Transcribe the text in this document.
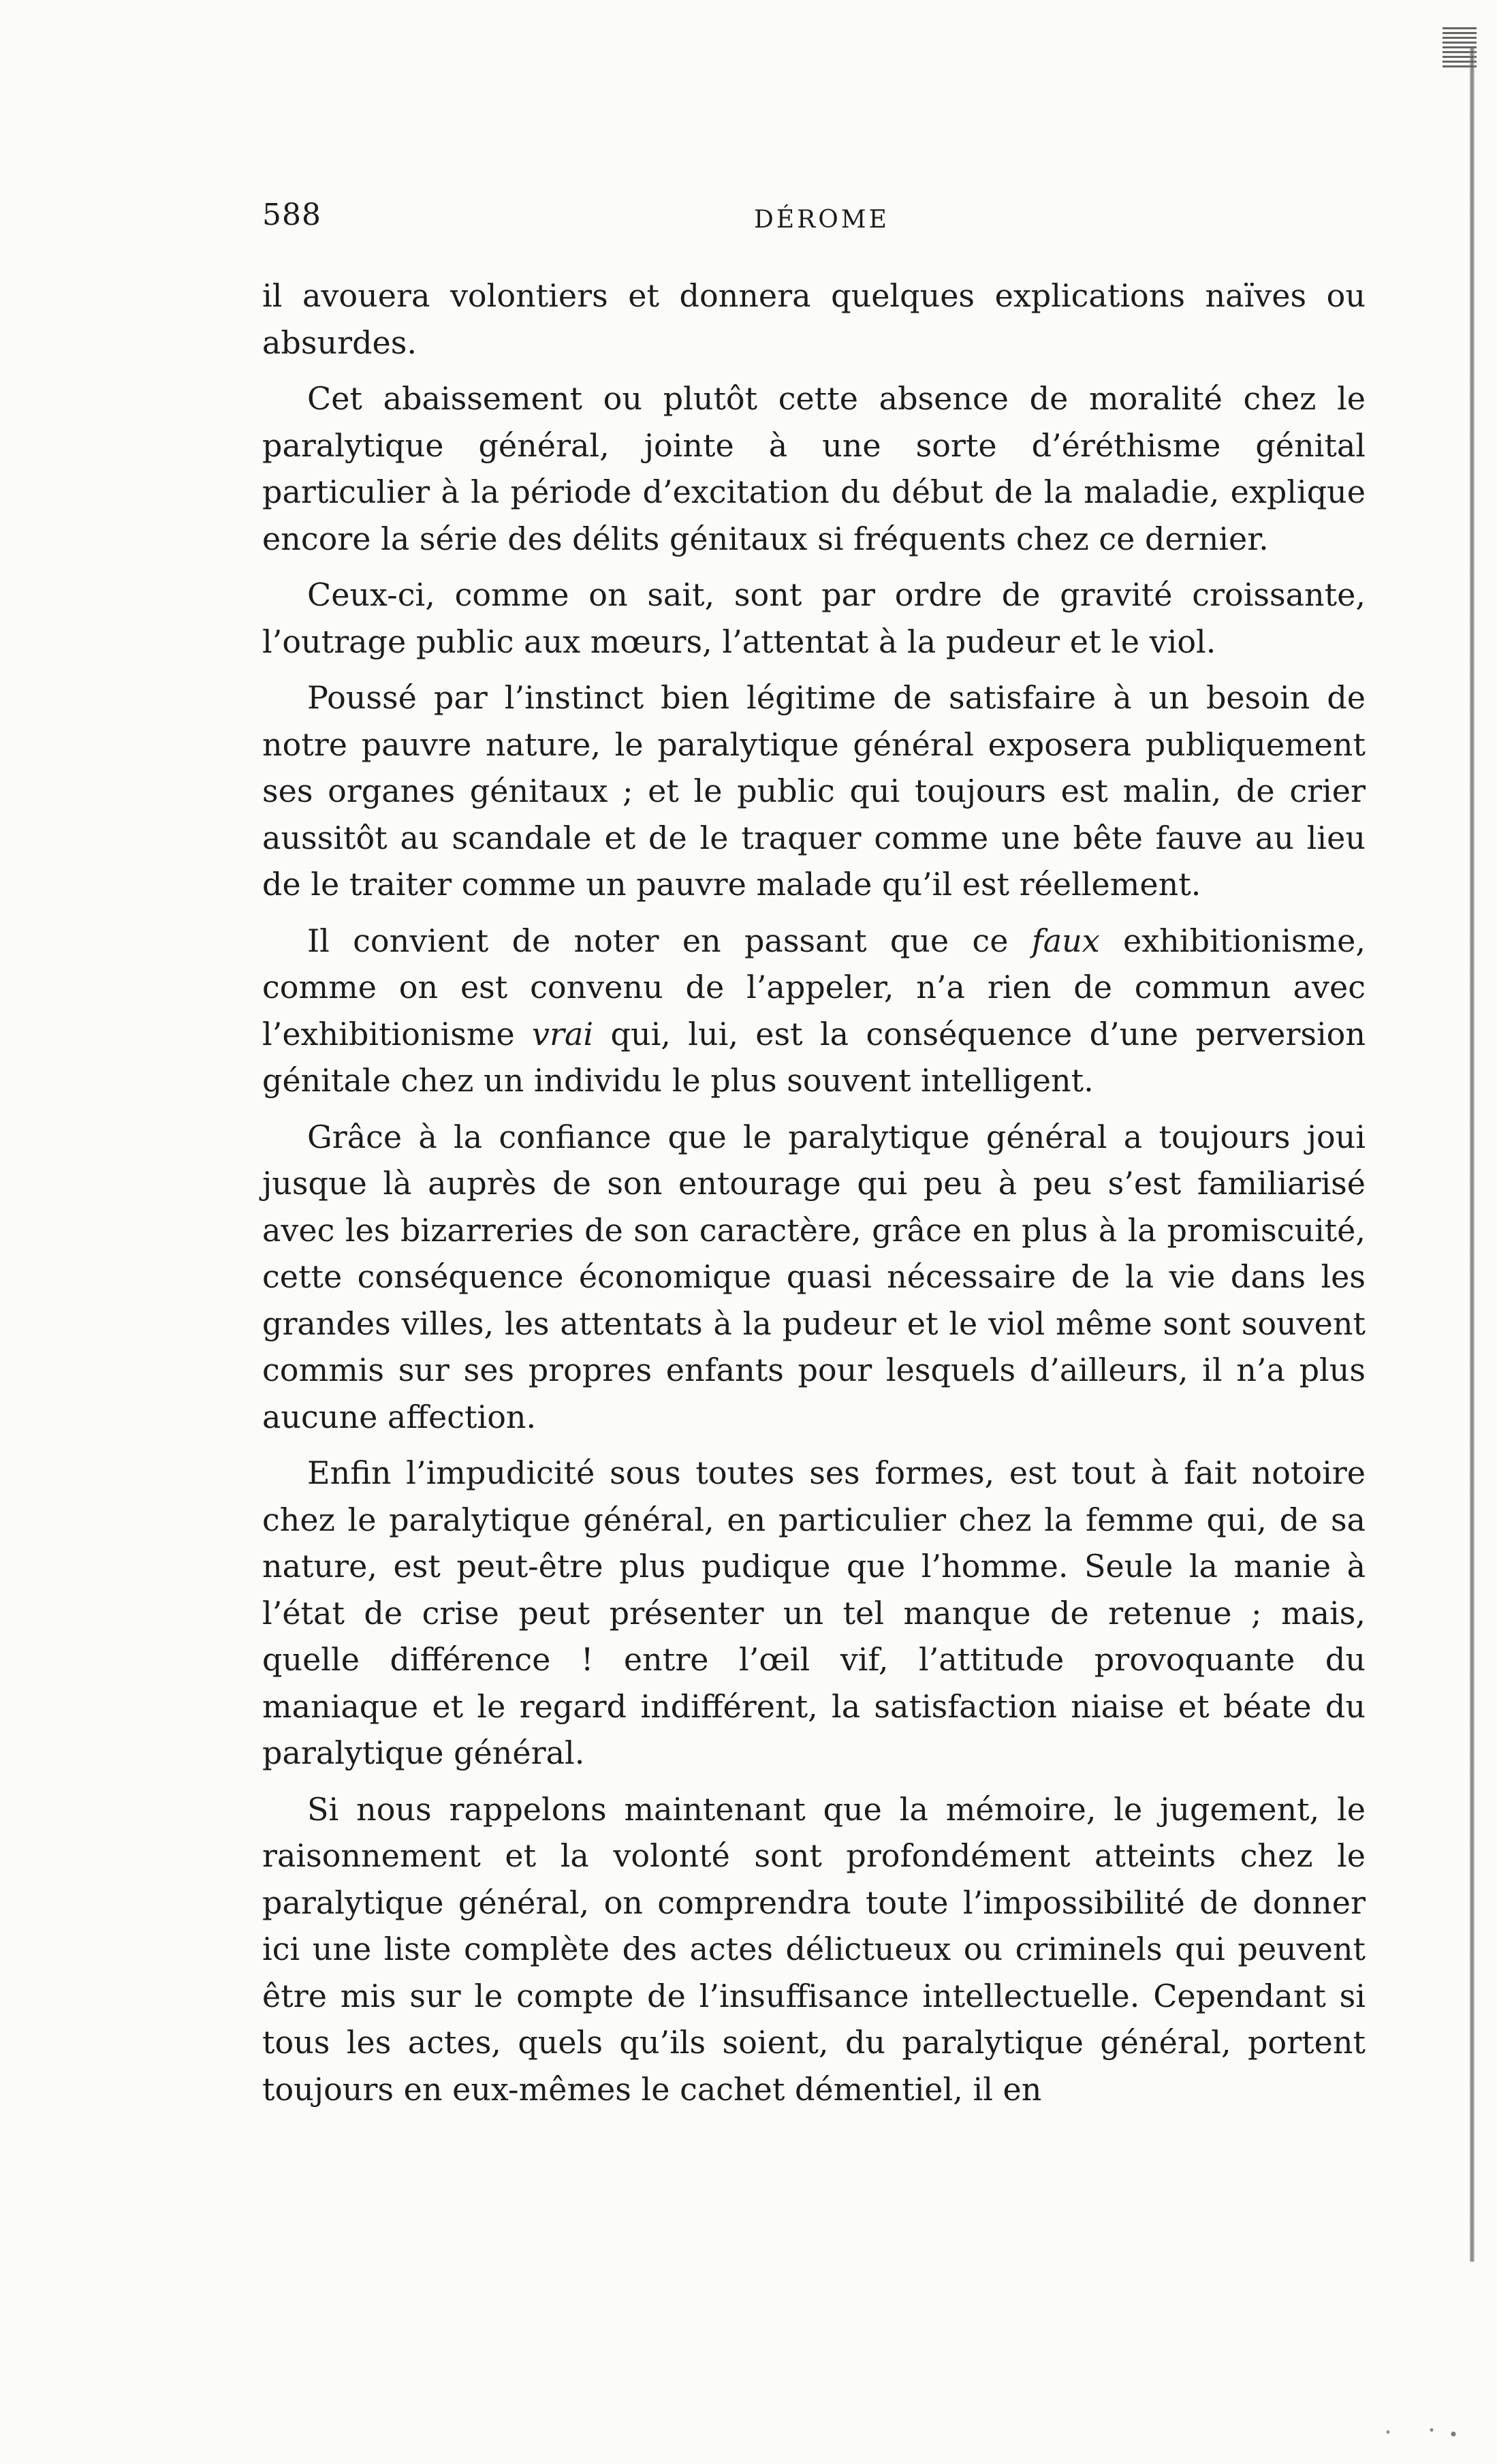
588	DÉROME

il avouera volontiers et donnera quelques explications naïves ou absurdes.

Cet abaissement ou plutôt cette absence de moralité chez le paralytique général, jointe à une sorte d’éréthisme génital particulier à la période d’excitation du début de la maladie, explique encore la série des délits génitaux si fréquents chez ce dernier.

Ceux-ci, comme on sait, sont par ordre de gravité croissante, l’outrage public aux mœurs, l’attentat à la pudeur et le viol.

Poussé par l’instinct bien légitime de satisfaire à un besoin de notre pauvre nature, le paralytique général exposera publiquement ses organes génitaux ; et le public qui toujours est malin, de crier aussitôt au scandale et de le traquer comme une bête fauve au lieu de le traiter comme un pauvre malade qu’il est réellement.

Il convient de noter en passant que ce faux exhibitionisme, comme on est convenu de l’appeler, n’a rien de commun avec l’exhibitionisme vrai qui, lui, est la conséquence d’une perversion génitale chez un individu le plus souvent intelligent.

Grâce à la confiance que le paralytique général a toujours joui jusque là auprès de son entourage qui peu à peu s’est familiarisé avec les bizarreries de son caractère, grâce en plus à la promiscuité, cette conséquence économique quasi nécessaire de la vie dans les grandes villes, les attentats à la pudeur et le viol même sont souvent commis sur ses propres enfants pour lesquels d’ailleurs, il n’a plus aucune affection.

Enfin l’impudicité sous toutes ses formes, est tout à fait notoire chez le paralytique général, en particulier chez la femme qui, de sa nature, est peut-être plus pudique que l’homme. Seule la manie à l’état de crise peut présenter un tel manque de retenue ; mais, quelle différence ! entre l’œil vif, l’attitude provoquante du maniaque et le regard indifférent, la satisfaction niaise et béate du paralytique général.

Si nous rappelons maintenant que la mémoire, le jugement, le raisonnement et la volonté sont profondément atteints chez le paralytique général, on comprendra toute l’impossibilité de donner ici une liste complète des actes délictueux ou criminels qui peuvent être mis sur le compte de l’insuffisance intellectuelle. Cependant si tous les actes, quels qu’ils soient, du paralytique général, portent toujours en eux-mêmes le cachet démentiel, il en
